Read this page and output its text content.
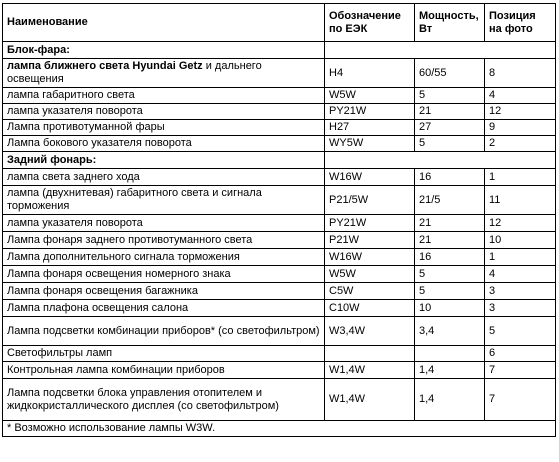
Наименование	Обозначение по ЕЭК	Мощность, Вт	Позиция на фото
Блок-фара:			
лампа ближнего света Hyundai Getz и дальнего освещения	H4	60/55	8
лампа габаритного света	W5W	5	4
лампа указателя поворота	PY21W	21	12
Лампа противотуманной фары	H27	27	9
Лампа бокового указателя поворота	WY5W	5	2
Задний фонарь:			
лампа света заднего хода	W16W	16	1
лампа (двухнитевая) габаритного света и сигнала торможения	P21/5W	21/5	11
лампа указателя поворота	PY21W	21	12
Лампа фонаря заднего противотуманного света	P21W	21	10
Лампа дополнительного сигнала торможения	W16W	16	1
Лампа фонаря освещения номерного знака	W5W	5	4
Лампа фонаря освещения багажника	C5W	5	3
Лампа плафона освещения салона	C10W	10	3
Лампа подсветки комбинации приборов* (со светофильтром)	W3,4W	3,4	5
Светофильтры ламп			6
Контрольная лампа комбинации приборов	W1,4W	1,4	7
Лампа подсветки блока управления отопителем и жидкокристаллического дисплея (со светофильтром)	W1,4W	1,4	7
* Возможно использование лампы W3W.			
